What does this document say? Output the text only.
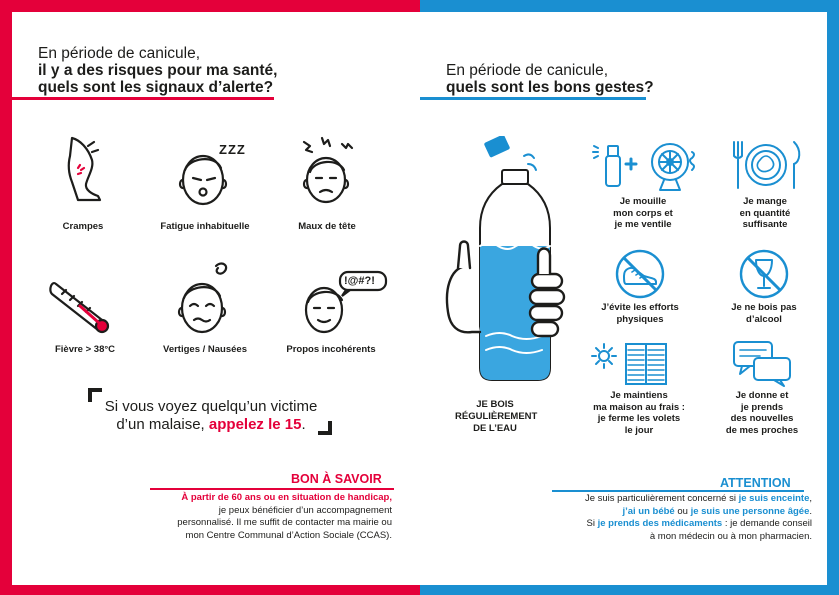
En période de canicule,
il y a des risques pour ma santé,
quels sont les signaux d’alerte?
En période de canicule,
quels sont les bons gestes?
Crampes
ZZZ
Fatigue inhabituelle	Maux de tête
Fièvre > 38°C	Vertiges / Nausées
!@#?!
Propos incohérents
Si vous voyez quelqu’un victime
d’un malaise, appelez le 15.
BON À SAVOIR
À partir de 60 ans ou en situation de handicap,
je peux bénéficier d’un accompagnement
personnalisé. Il me suffit de contacter ma mairie ou
mon Centre Communal d’Action Sociale (CCAS).
JE BOIS
RÉGULIÈREMENT
DE L’EAU
Je mouille
mon corps et
je me ventile
Je mange
en quantité
suffisante
J’évite les efforts
physiques
Je ne bois pas
d’alcool
Je maintiens
ma maison au frais :
je ferme les volets
le jour
Je donne et
je prends
des nouvelles
de mes proches
ATTENTION
Je suis particulièrement concerné si je suis enceinte,
j’ai un bébé ou je suis une personne âgée.
Si je prends des médicaments : je demande conseil
à mon médecin ou à mon pharmacien.
